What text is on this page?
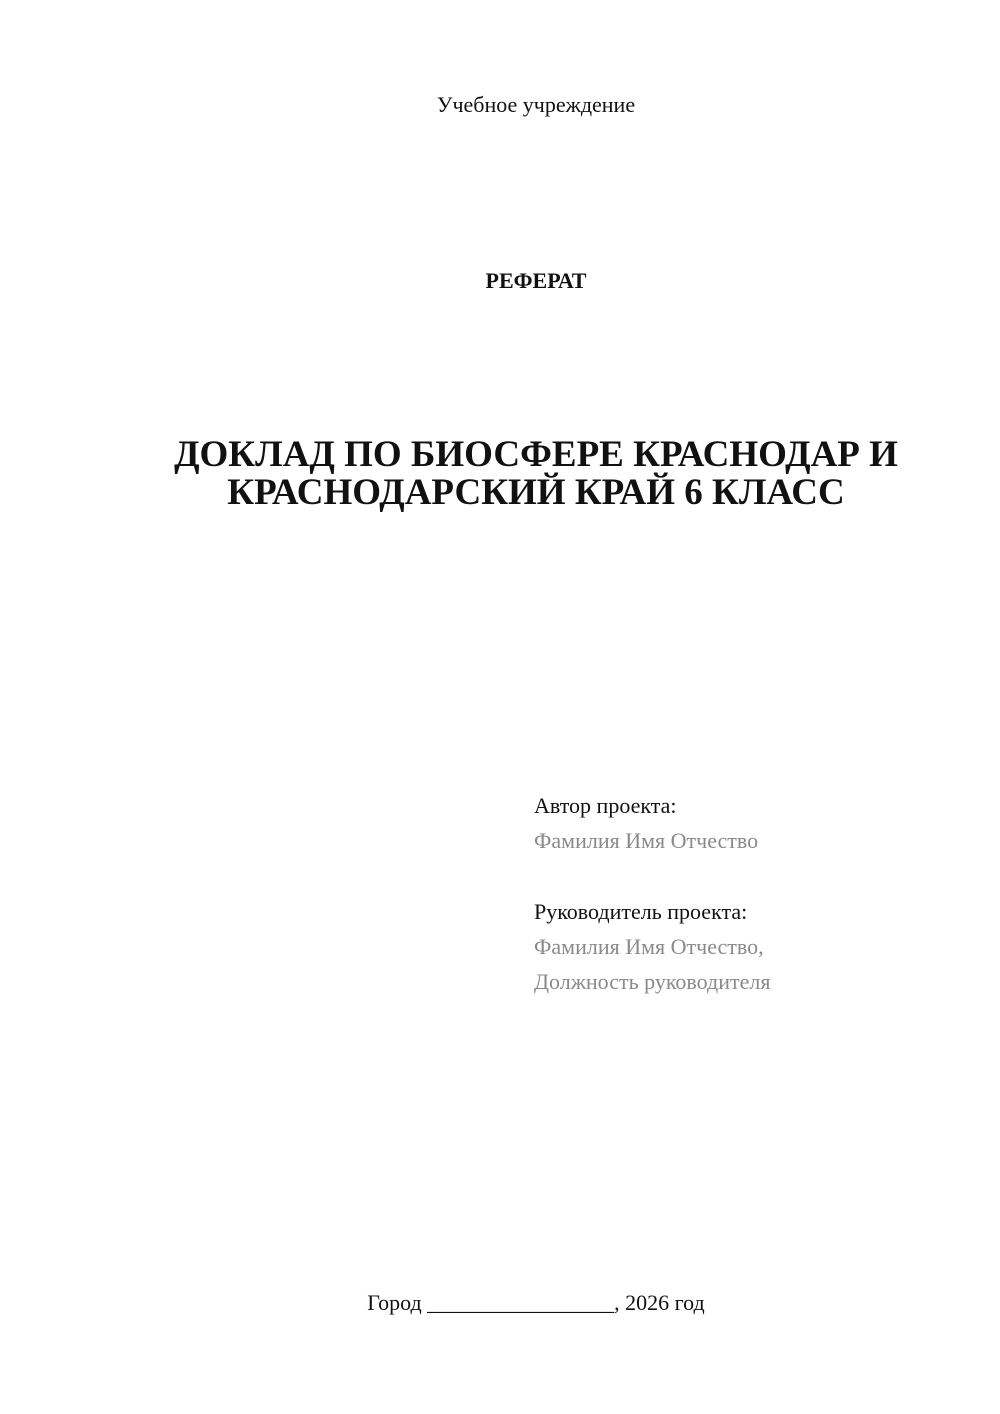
Учебное учреждение
РЕФЕРАТ
ДОКЛАД ПО БИОСФЕРЕ КРАСНОДАР И
КРАСНОДАРСКИЙ КРАЙ 6 КЛАСС
Автор проекта:
Фамилия Имя Отчество
Руководитель проекта:
Фамилия Имя Отчество,
Должность руководителя
Город _________________, 2026 год
